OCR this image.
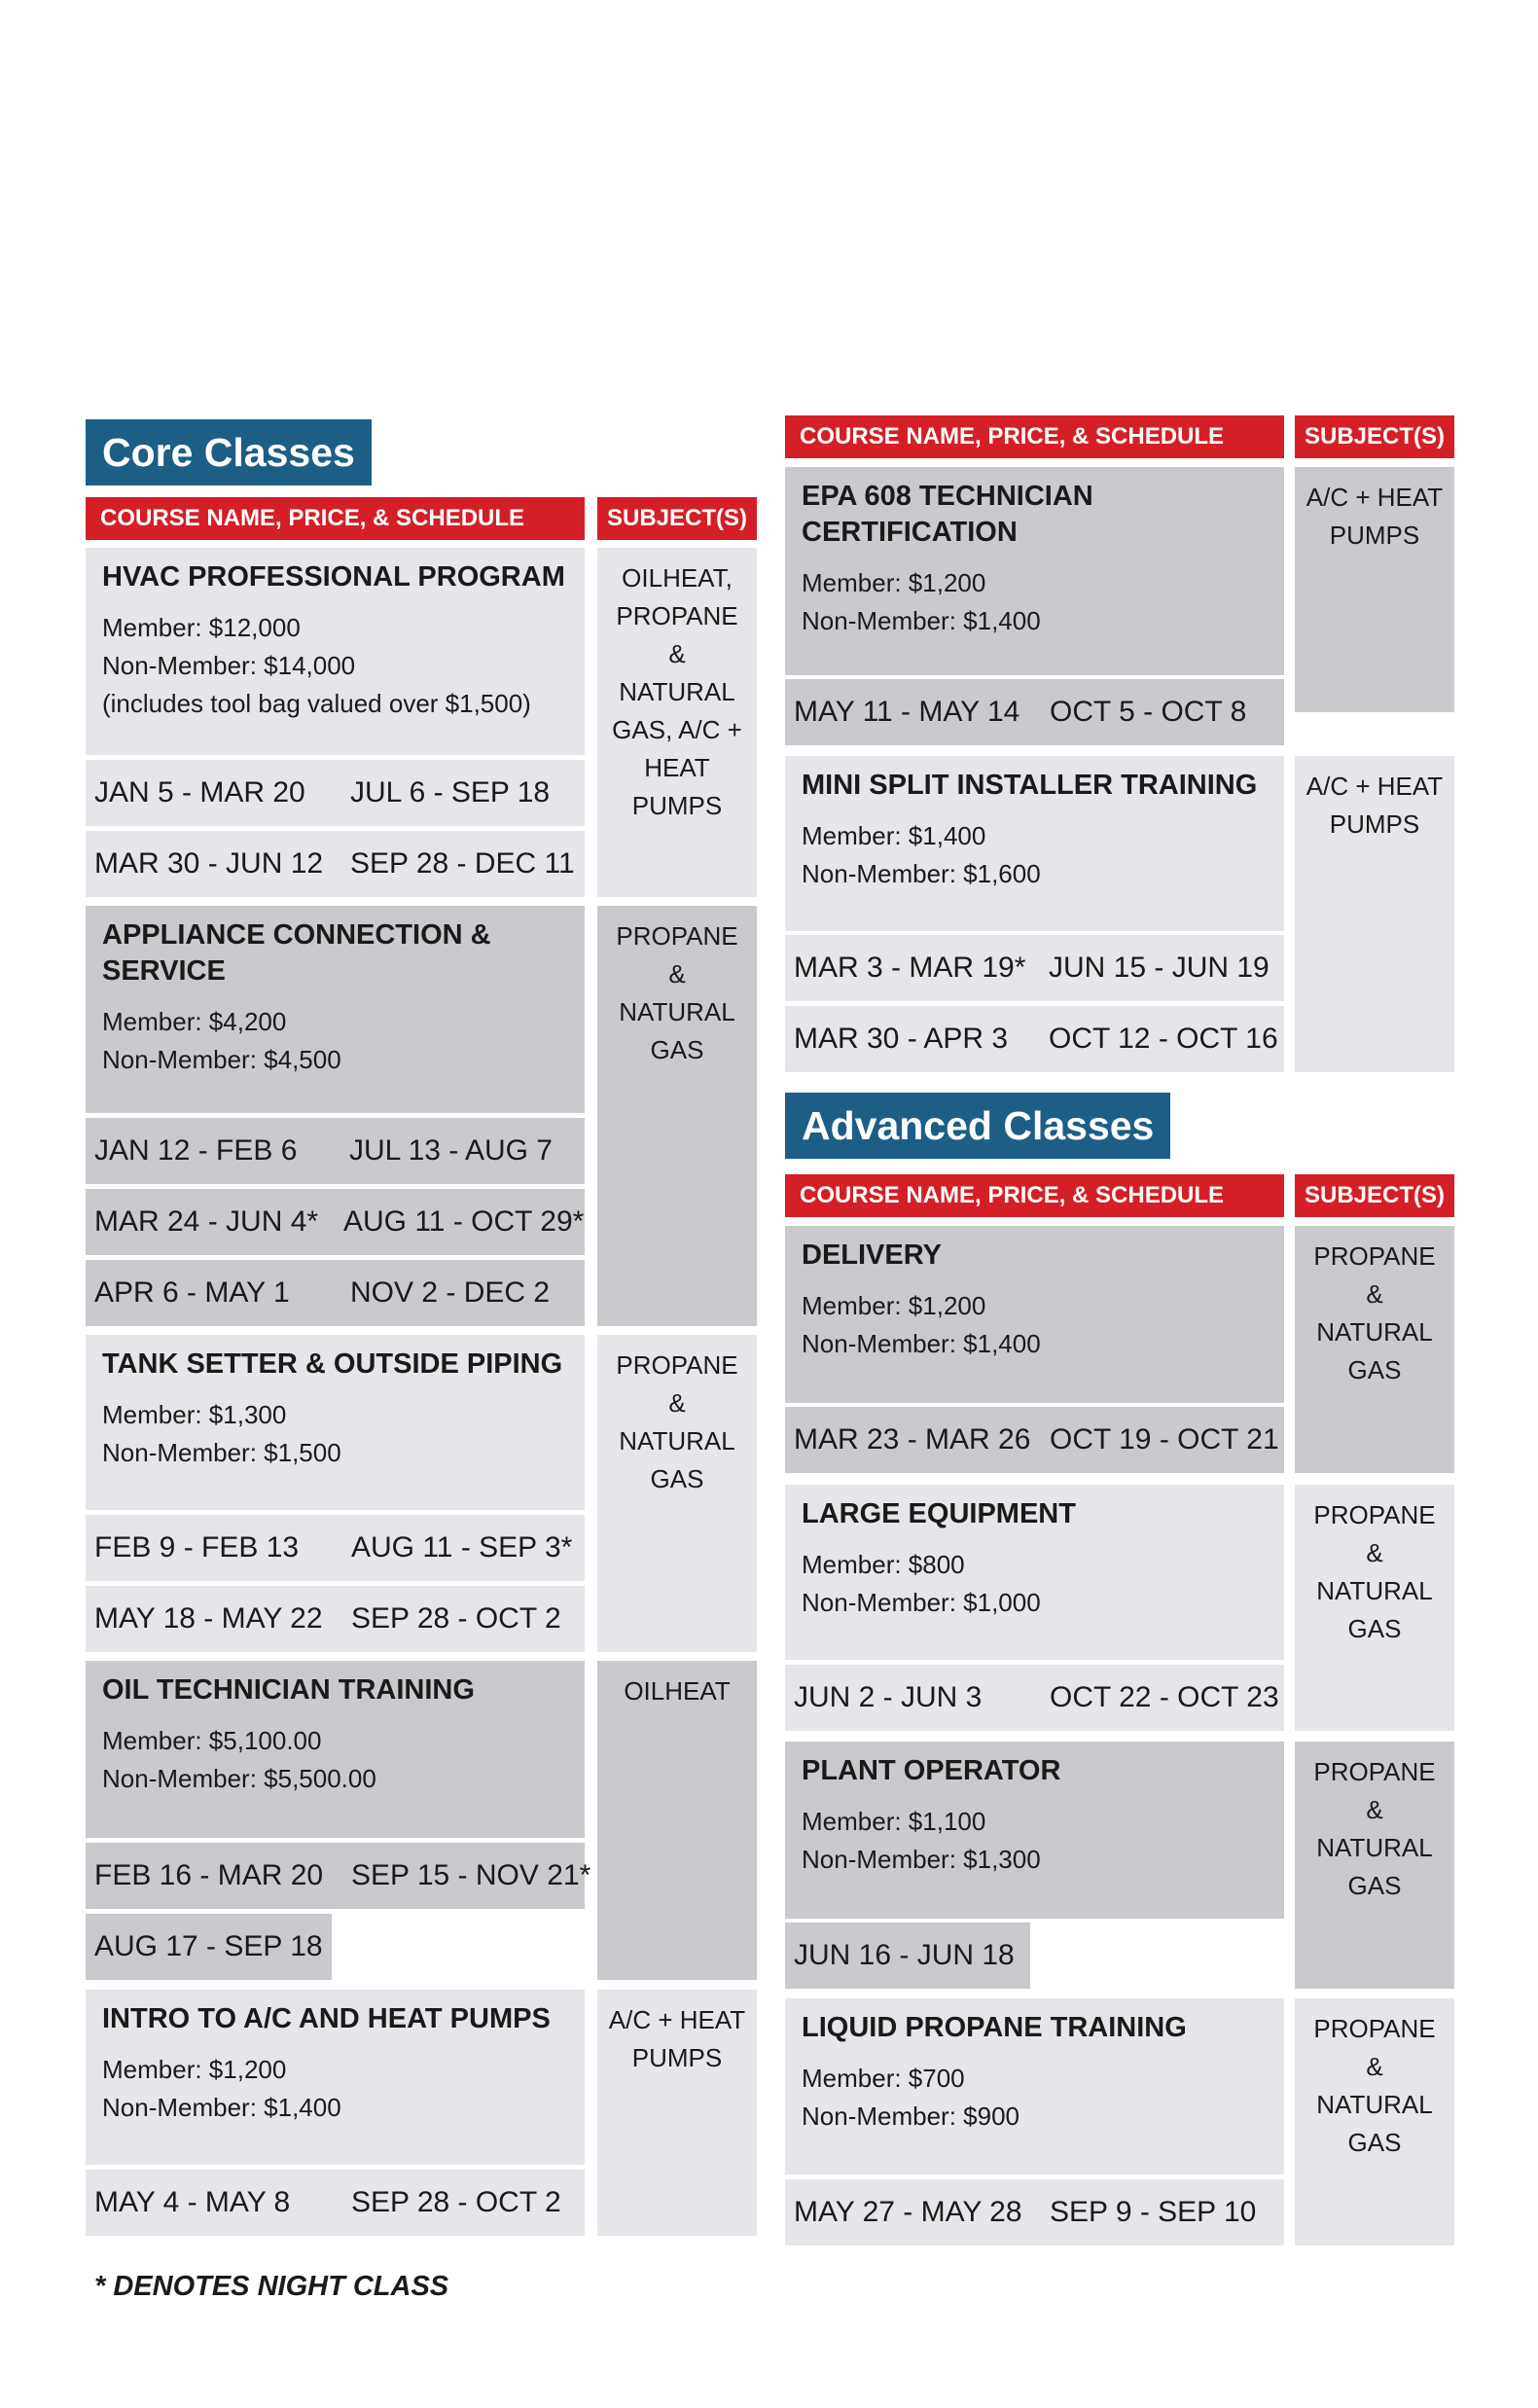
Core Classes
COURSE NAME, PRICE, & SCHEDULE	SUBJECT(S)
HVAC PROFESSIONAL PROGRAM
Member: $12,000
Non-Member: $14,000
(includes tool bag valued over $1,500)
JAN 5 - MAR 20 JUL 6 - SEP 18
MAR 30 - JUN 12 SEP 28 - DEC 11
OILHEAT,
PROPANE
&
NATURAL
GAS, A/C +
HEAT
PUMPS
APPLIANCE CONNECTION & SERVICE
Member: $4,200
Non-Member: $4,500
JAN 12 - FEB 6 JUL 13 - AUG 7
MAR 24 - JUN 4* AUG 11 - OCT 29*
APR 6 - MAY 1 NOV 2 - DEC 2
PROPANE
&
NATURAL
GAS
TANK SETTER & OUTSIDE PIPING
Member: $1,300
Non-Member: $1,500
FEB 9 - FEB 13 AUG 11 - SEP 3*
MAY 18 - MAY 22 SEP 28 - OCT 2
PROPANE
&
NATURAL
GAS
OIL TECHNICIAN TRAINING
Member: $5,100.00
Non-Member: $5,500.00
FEB 16 - MAR 20 SEP 15 - NOV 21*
AUG 17 - SEP 18
OILHEAT
INTRO TO A/C AND HEAT PUMPS
Member: $1,200
Non-Member: $1,400
MAY 4 - MAY 8 SEP 28 - OCT 2
A/C + HEAT
PUMPS
* DENOTES NIGHT CLASS
COURSE NAME, PRICE, & SCHEDULE	SUBJECT(S)
EPA 608 TECHNICIAN CERTIFICATION
Member: $1,200
Non-Member: $1,400
MAY 11 - MAY 14 OCT 5 - OCT 8
A/C + HEAT
PUMPS
MINI SPLIT INSTALLER TRAINING
Member: $1,400
Non-Member: $1,600
MAR 3 - MAR 19* JUN 15 - JUN 19
MAR 30 - APR 3 OCT 12 - OCT 16
A/C + HEAT
PUMPS
Advanced Classes
COURSE NAME, PRICE, & SCHEDULE	SUBJECT(S)
DELIVERY
Member: $1,200
Non-Member: $1,400
MAR 23 - MAR 26 OCT 19 - OCT 21
PROPANE
&
NATURAL
GAS
LARGE EQUIPMENT
Member: $800
Non-Member: $1,000
JUN 2 - JUN 3 OCT 22 - OCT 23
PROPANE
&
NATURAL
GAS
PLANT OPERATOR
Member: $1,100
Non-Member: $1,300
JUN 16 - JUN 18
PROPANE
&
NATURAL
GAS
LIQUID PROPANE TRAINING
Member: $700
Non-Member: $900
MAY 27 - MAY 28 SEP 9 - SEP 10
PROPANE
&
NATURAL
GAS
